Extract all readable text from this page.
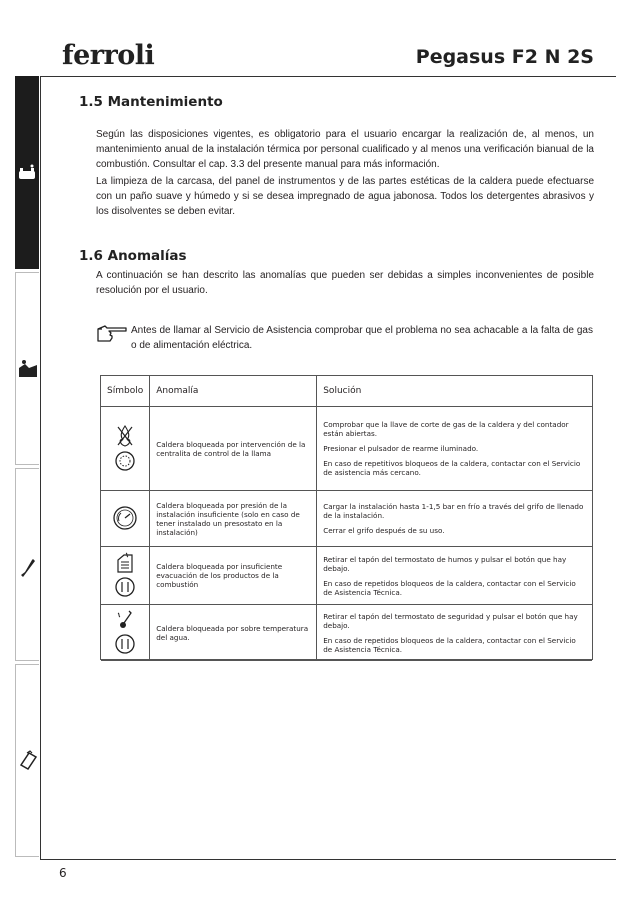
ferroli	Pegasus F2 N 2S
1.5 Mantenimiento

Según las disposiciones vigentes, es obligatorio para el usuario encargar la realización de, al menos, un mantenimiento anual de la instalación térmica por personal cualificado y al menos una verificación bianual de la combustión. Consultar el cap. 3.3 del presente manual para más información.

La limpieza de la carcasa, del panel de instrumentos y de las partes estéticas de la caldera puede efectuarse con un paño suave y húmedo y si se desea impregnado de agua jabonosa. Todos los detergentes abrasivos y los disolventes se deben evitar.

1.6 Anomalías

A continuación se han descrito las anomalías que pueden ser debidas a simples inconvenientes de posible resolución por el usuario.

Antes de llamar al Servicio de Asistencia comprobar que el problema no sea achacable a la falta de gas o de alimentación eléctrica.

Símbolo	Anomalía	Solución

	Caldera bloqueada por intervención de la centralita de control de la llama	Comprobar que la llave de corte de gas de la caldera y del contador están abiertas.

Presionar el pulsador de rearme iluminado.

En caso de repetitivos bloqueos de la caldera, contactar con el Servicio de asistencia más cercano.

	Caldera bloqueada por presión de la instalación insuficiente (solo en caso de tener instalado un presostato en la instalación)	Cargar la instalación hasta 1-1,5 bar en frío a través del grifo de llenado de la instalación.

Cerrar el grifo después de su uso.

	Caldera bloqueada por insuficiente evacuación de los productos de la combustión	Retirar el tapón del termostato de humos y pulsar el botón que hay debajo.

En caso de repetidos bloqueos de la caldera, contactar con el Servicio de Asistencia Técnica.

	Caldera bloqueada por sobre temperatura del agua.	Retirar el tapón del termostato de seguridad y pulsar el botón que hay debajo.

En caso de repetidos bloqueos de la caldera, contactar con el Servicio de Asistencia Técnica.

6
